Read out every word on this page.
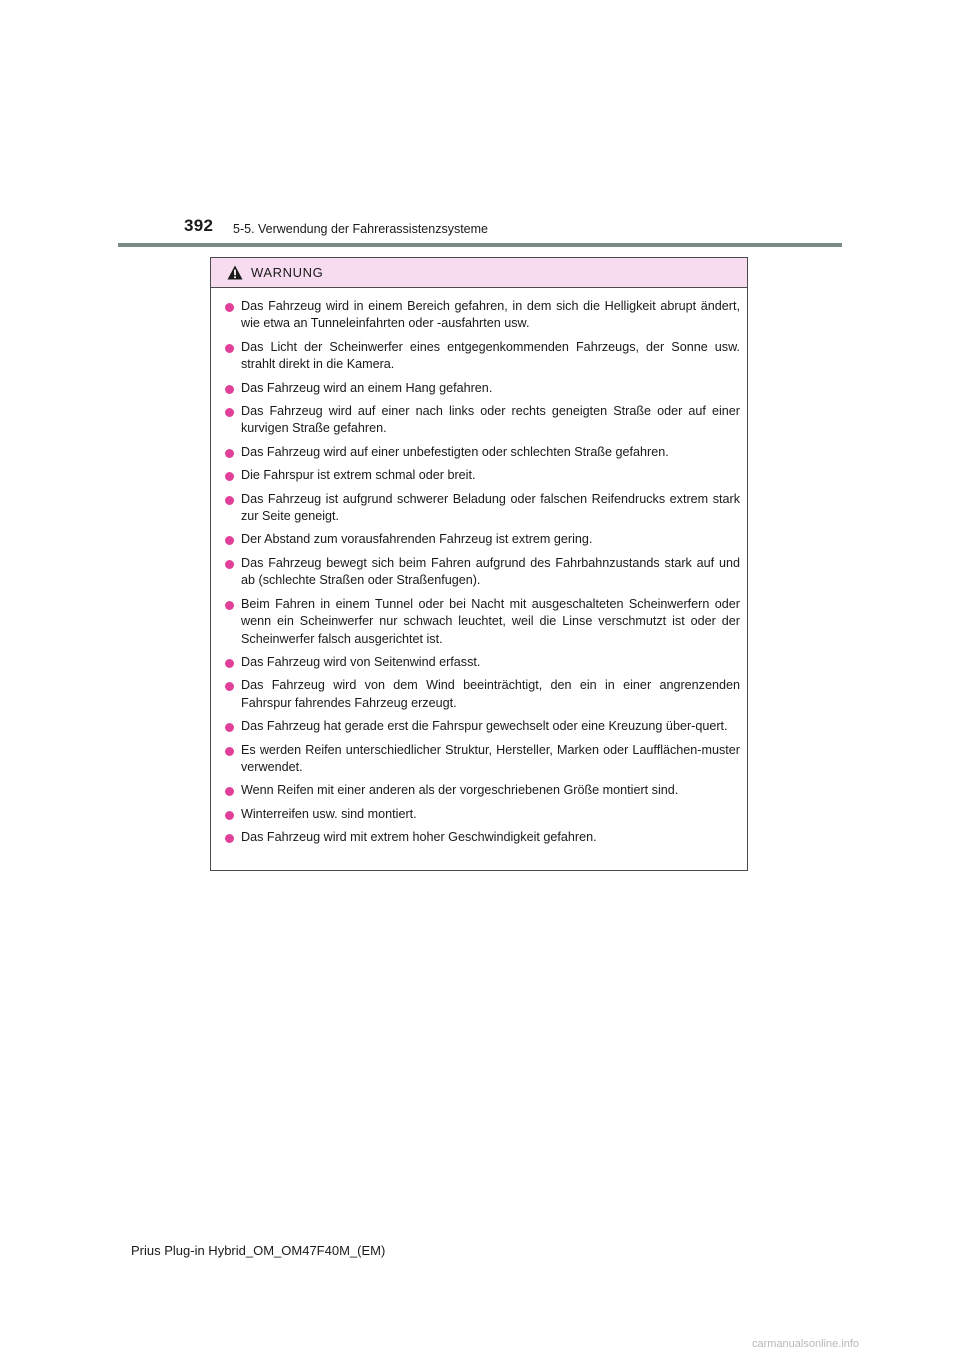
392 5-5. Verwendung der Fahrerassistenzsysteme
WARNUNG
Das Fahrzeug wird in einem Bereich gefahren, in dem sich die Helligkeit abrupt ändert, wie etwa an Tunneleinfahrten oder -ausfahrten usw.
Das Licht der Scheinwerfer eines entgegenkommenden Fahrzeugs, der Sonne usw. strahlt direkt in die Kamera.
Das Fahrzeug wird an einem Hang gefahren.
Das Fahrzeug wird auf einer nach links oder rechts geneigten Straße oder auf einer kurvigen Straße gefahren.
Das Fahrzeug wird auf einer unbefestigten oder schlechten Straße gefahren.
Die Fahrspur ist extrem schmal oder breit.
Das Fahrzeug ist aufgrund schwerer Beladung oder falschen Reifendrucks extrem stark zur Seite geneigt.
Der Abstand zum vorausfahrenden Fahrzeug ist extrem gering.
Das Fahrzeug bewegt sich beim Fahren aufgrund des Fahrbahnzustands stark auf und ab (schlechte Straßen oder Straßenfugen).
Beim Fahren in einem Tunnel oder bei Nacht mit ausgeschalteten Scheinwerfern oder wenn ein Scheinwerfer nur schwach leuchtet, weil die Linse verschmutzt ist oder der Scheinwerfer falsch ausgerichtet ist.
Das Fahrzeug wird von Seitenwind erfasst.
Das Fahrzeug wird von dem Wind beeinträchtigt, den ein in einer angrenzenden Fahrspur fahrendes Fahrzeug erzeugt.
Das Fahrzeug hat gerade erst die Fahrspur gewechselt oder eine Kreuzung über-quert.
Es werden Reifen unterschiedlicher Struktur, Hersteller, Marken oder Laufflächen-muster verwendet.
Wenn Reifen mit einer anderen als der vorgeschriebenen Größe montiert sind.
Winterreifen usw. sind montiert.
Das Fahrzeug wird mit extrem hoher Geschwindigkeit gefahren.
Prius Plug-in Hybrid_OM_OM47F40M_(EM)
carmanualsonline.info
